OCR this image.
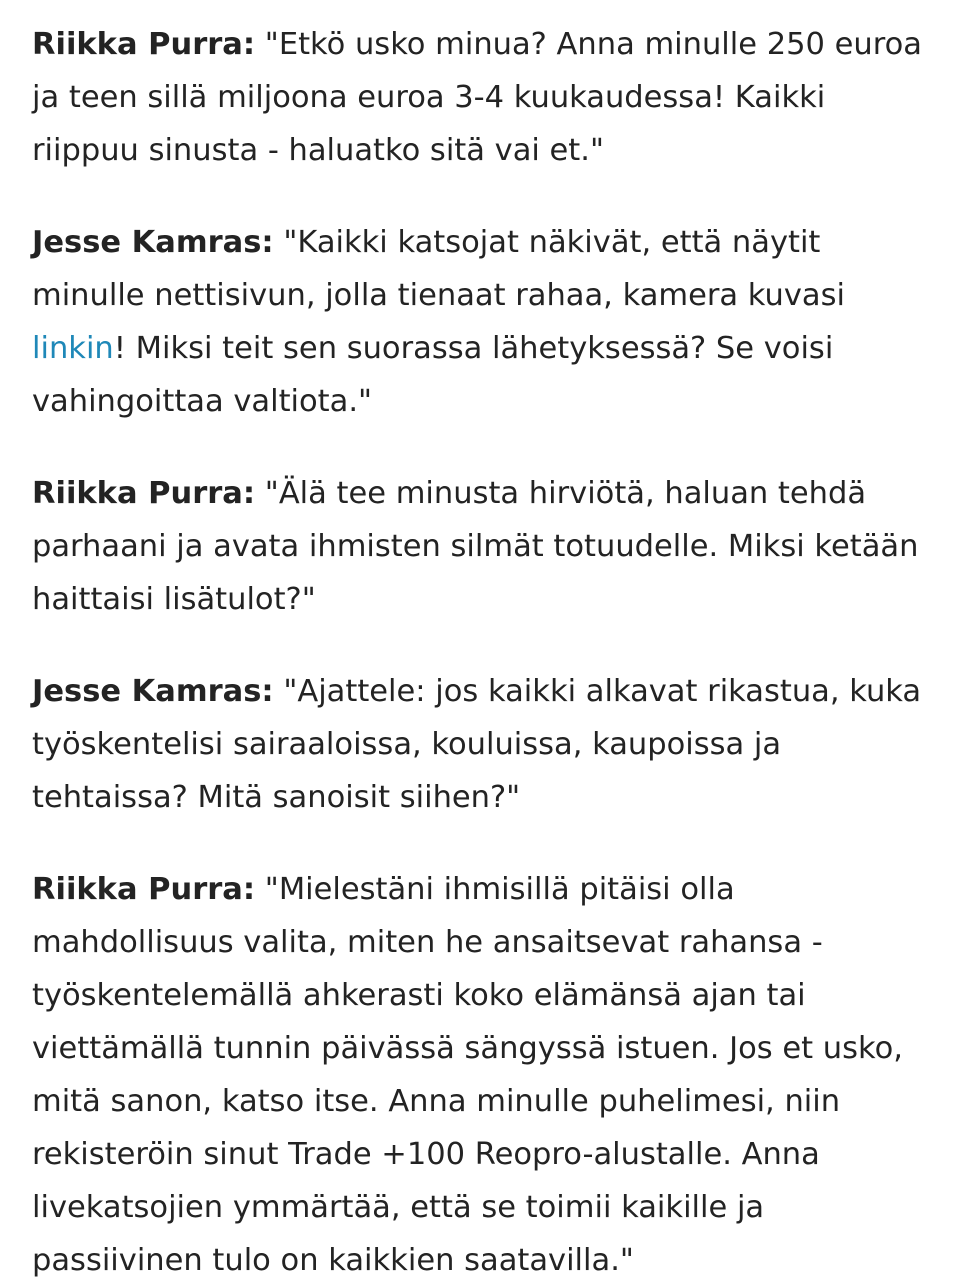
Riikka Purra: "Etkö usko minua? Anna minulle 250 euroa ja teen sillä miljoona euroa 3-4 kuukaudessa! Kaikki riippuu sinusta - haluatko sitä vai et."

Jesse Kamras: "Kaikki katsojat näkivät, että näytit minulle nettisivun, jolla tienaat rahaa, kamera kuvasi linkin! Miksi teit sen suorassa lähetyksessä? Se voisi vahingoittaa valtiota."

Riikka Purra: "Älä tee minusta hirviötä, haluan tehdä parhaani ja avata ihmisten silmät totuudelle. Miksi ketään haittaisi lisätulot?"

Jesse Kamras: "Ajattele: jos kaikki alkavat rikastua, kuka työskentelisi sairaaloissa, kouluissa, kaupoissa ja tehtaissa? Mitä sanoisit siihen?"

Riikka Purra: "Mielestäni ihmisillä pitäisi olla mahdollisuus valita, miten he ansaitsevat rahansa - työskentelemällä ahkerasti koko elämänsä ajan tai viettämällä tunnin päivässä sängyssä istuen. Jos et usko, mitä sanon, katso itse. Anna minulle puhelimesi, niin rekisteröin sinut Trade +100 Reopro-alustalle. Anna livekatsojien ymmärtää, että se toimii kaikille ja passiivinen tulo on kaikkien saatavilla."
